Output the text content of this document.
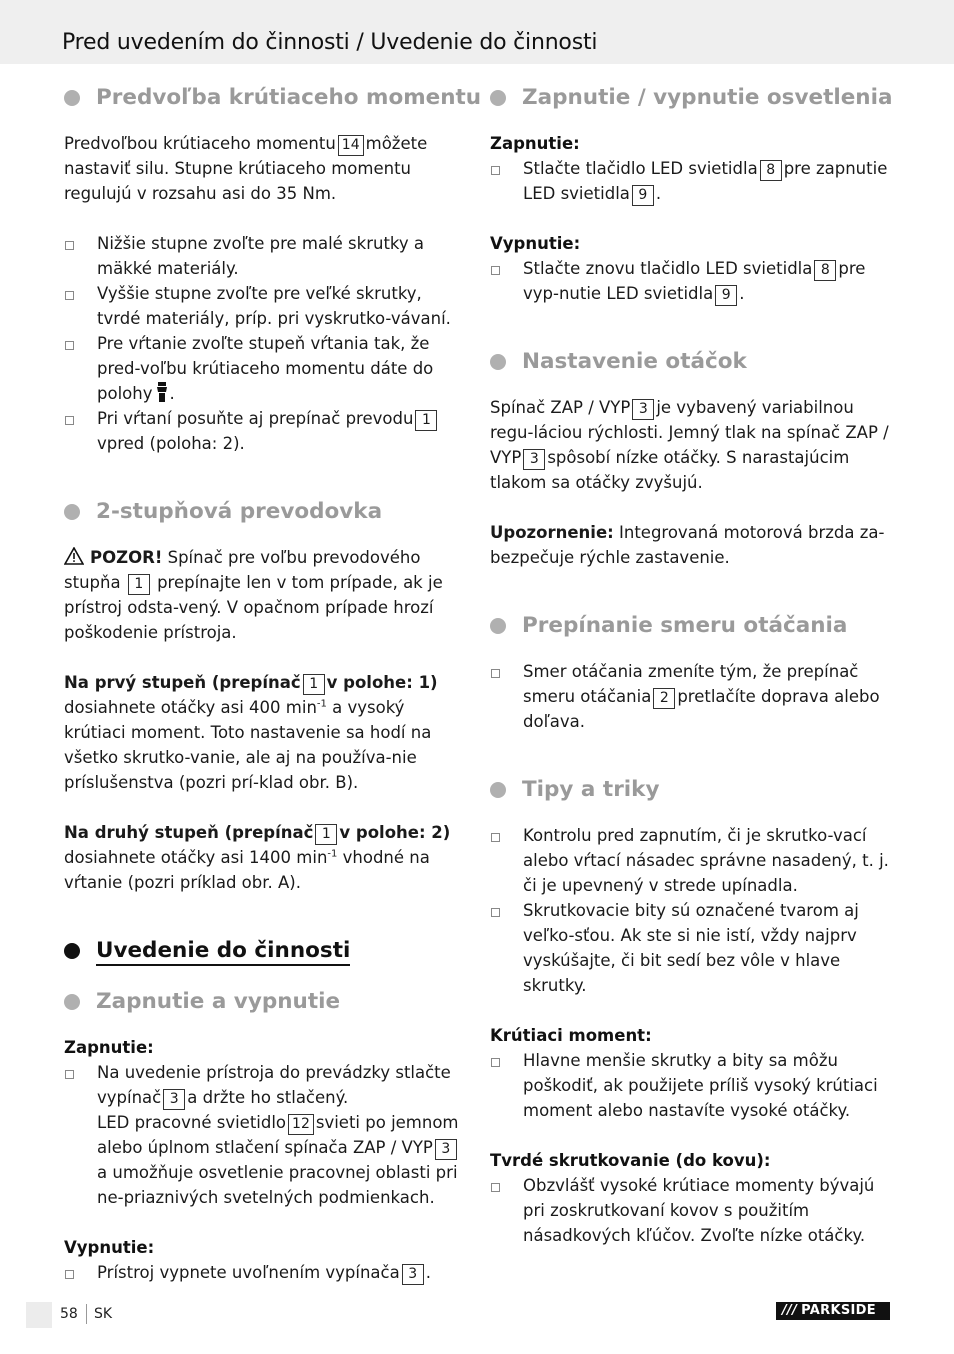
Pred uvedením do činnosti / Uvedenie do činnosti
Predvoľba krútiaceho momentu

Predvoľbou krútiaceho momentu 14 môžete nastaviť silu. Stupne krútiaceho momentu regulujú v rozsahu asi do 35 Nm.

Nižšie stupne zvoľte pre malé skrutky a mäkké materiály.
Vyššie stupne zvoľte pre veľké skrutky, tvrdé materiály, príp. pri vyskrutko-vávaní.
Pre vŕtanie zvoľte stupeň vŕtania tak, že pred-voľbu krútiaceho momentu dáte do polohy .
Pri vŕtaní posuňte aj prepínač prevodu 1vpred (poloha: 2).
2-stupňová prevodovka

POZOR! Spínač pre voľbu prevodového stupňa 1 prepínajte len v tom prípade, ak je prístroj odsta-vený. V opačnom prípade hrozí poškodenie prístroja.

Na prvý stupeň (prepínač 1 v polohe: 1)
dosiahnete otáčky asi 400 $\min^{-1} a$ vysoký krútiaci moment. Toto nastavenie sa hodí na všetko skrutko-vanie, ale aj na používa-nie príslušenstva (pozri prí-klad obr. B).

Na druhý stupeň (prepínač 1 v polohe: 2)
dosiahnete otáčky asi 1400 $\min^{-1}$ vhodné na vŕtanie (pozri príklad obr. A).

Uvedenie do činnosti
Zapnutie a vypnutie
Zapnutie:
Na uvedenie prístroja do prevádzky stlačte vypínač 3 a držte ho stlačený.
LED pracovné svietidlo 12 svieti po jemnom alebo úplnom stlačení spínača ZAP / VYP 3a umožňuje osvetlenie pracovnej oblasti pri ne-priaznivých svetelných podmienkach.
Vypnutie:
Prístroj vypnete uvoľnením vypínača 3 .
Zapnutie / vypnutie osvetlenia
Zapnutie:
Stlačte tlačidlo LED svietidla 8 pre zapnutie LED svietidla 9 .
Vypnutie:
Stlačte znovu tlačidlo LED svietidla 8 pre vyp-nutie LED svietidla 9 .
Nastavenie otáčok

Spínač ZAP / VYP 3 je vybavený variabilnou regu-láciou rýchlosti. Jemný tlak na spínač ZAP / VYP 3 spôsobí nízke otáčky. S narastajúcim tlakom sa otáčky zvyšujú.

Upozornenie: Integrovaná motorová brzda za-bezpečuje rýchle zastavenie.

Prepínanie smeru otáčania
Smer otáčania zmeníte tým, že prepínač smeru otáčania 2 pretlačíte doprava alebo doľava.
Tipy a triky
Kontrolu pred zapnutím, či je skrutko-vací alebo vŕtací násadec správne nasadený, t. j. či je upevnený v strede upínadla.
Skrutkovacie bity sú označené tvarom aj veľko-sťou. Ak ste si nie istí, vždy najprv vyskúšajte, či bit sedí bez vôle v hlave skrutky.
Krútiaci moment:
Hlavne menšie skrutky a bity sa môžu poškodiť, ak použijete príliš vysoký krútiaci moment alebo nastavíte vysoké otáčky.
Tvrdé skrutkovanie (do kovu):
Obzvlášť vysoké krútiace momenty bývajú pri zoskrutkovaní kovov s použitím násadkových kľúčov. Zvoľte nízke otáčky.
58 SK	/// PARKSIDE
